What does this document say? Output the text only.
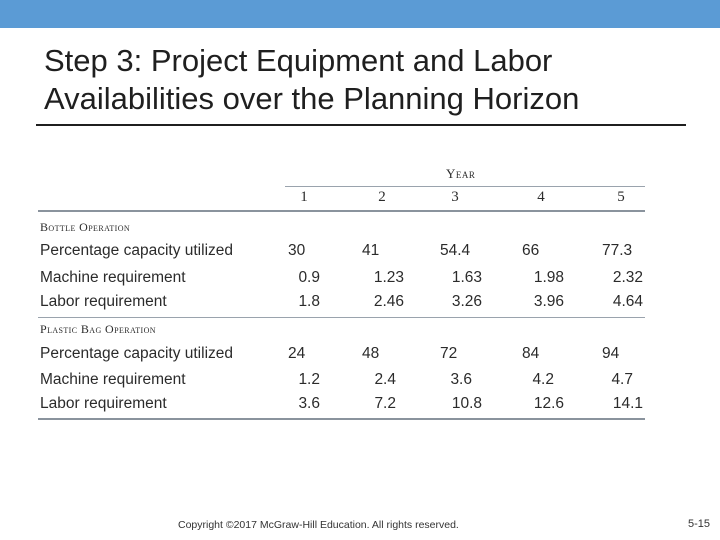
Step 3: Project Equipment and Labor Availabilities over the Planning Horizon
Year
1	2	3	4	5
Bottle Operation
Percentage capacity utilized	30	41	54.4	66	77.3
Machine requirement	0.9	1.23	1.63	1.98	2.32
Labor requirement	1.8	2.46	3.26	3.96	4.64
Plastic Bag Operation
Percentage capacity utilized	24	48	72	84	94
Machine requirement	1.2	2.4	3.6	4.2	4.7
Labor requirement	3.6	7.2	10.8	12.6	14.1
Copyright ©2017 McGraw-Hill Education. All rights reserved.	5-15
